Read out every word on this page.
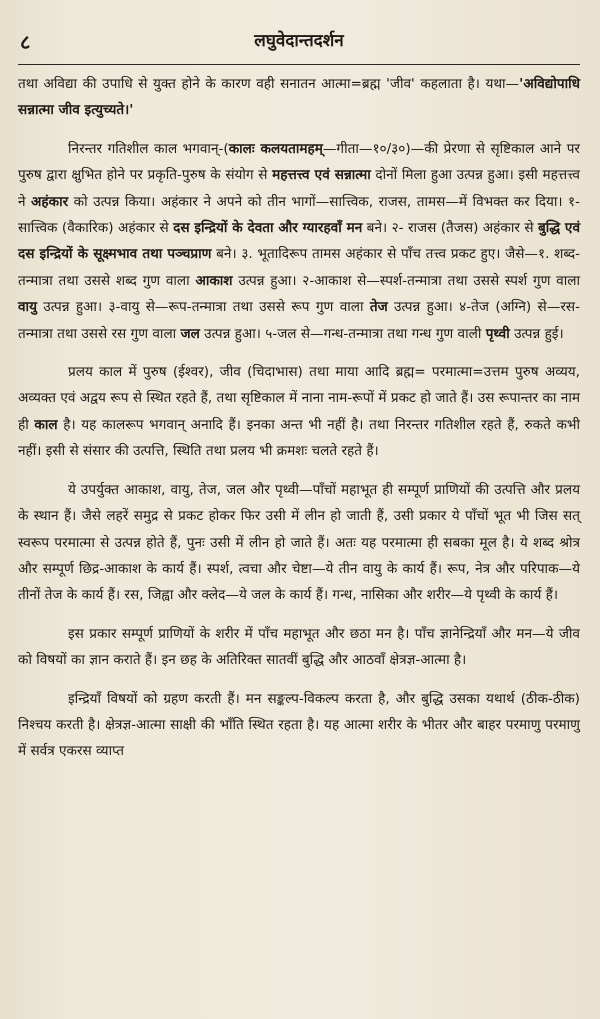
८	लघुवेदान्तदर्शन

तथा अविद्या की उपाधि से युक्त होने के कारण वही सनातन आत्मा=ब्रह्म 'जीव' कहलाता है। यथा—'अविद्योपाधि सन्नात्मा जीव इत्युच्यते।'

निरन्तर गतिशील काल भगवान्-(कालः कलयतामहम्—गीता—१०/३०)—की प्रेरणा से सृष्टिकाल आने पर पुरुष द्वारा क्षुभित होने पर प्रकृति-पुरुष के संयोग से महत्तत्त्व एवं सन्नात्मा दोनों मिला हुआ उत्पन्न हुआ। इसी महत्तत्त्व ने अहंकार को उत्पन्न किया। अहंकार ने अपने को तीन भागों—सात्त्विक, राजस, तामस—में विभक्त कर दिया। १-सात्त्विक (वैकारिक) अहंकार से दस इन्द्रियों के देवता और ग्यारहवाँ मन बने। २- राजस (तैजस) अहंकार से बुद्धि एवं दस इन्द्रियों के सूक्ष्मभाव तथा पञ्चप्राण बने। ३. भूतादिरूप तामस अहंकार से पाँच तत्त्व प्रकट हुए। जैसे—१. शब्द-तन्मात्रा तथा उससे शब्द गुण वाला आकाश उत्पन्न हुआ। २-आकाश से—स्पर्श-तन्मात्रा तथा उससे स्पर्श गुण वाला वायु उत्पन्न हुआ। ३-वायु से—रूप-तन्मात्रा तथा उससे रूप गुण वाला तेज उत्पन्न हुआ। ४-तेज (अग्नि) से—रस-तन्मात्रा तथा उससे रस गुण वाला जल उत्पन्न हुआ। ५-जल से—गन्ध-तन्मात्रा तथा गन्ध गुण वाली पृथ्वी उत्पन्न हुई।

प्रलय काल में पुरुष (ईश्वर), जीव (चिदाभास) तथा माया आदि ब्रह्म= परमात्मा=उत्तम पुरुष अव्यय, अव्यक्त एवं अद्वय रूप से स्थित रहते हैं, तथा सृष्टिकाल में नाना नाम-रूपों में प्रकट हो जाते हैं। उस रूपान्तर का नाम ही काल है। यह कालरूप भगवान् अनादि हैं। इनका अन्त भी नहीं है। तथा निरन्तर गतिशील रहते हैं, रुकते कभी नहीं। इसी से संसार की उत्पत्ति, स्थिति तथा प्रलय भी क्रमशः चलते रहते हैं।

ये उपर्युक्त आकाश, वायु, तेज, जल और पृथ्वी—पाँचों महाभूत ही सम्पूर्ण प्राणियों की उत्पत्ति और प्रलय के स्थान हैं। जैसे लहरें समुद्र से प्रकट होकर फिर उसी में लीन हो जाती हैं, उसी प्रकार ये पाँचों भूत भी जिस सत् स्वरूप परमात्मा से उत्पन्न होते हैं, पुनः उसी में लीन हो जाते हैं। अतः यह परमात्मा ही सबका मूल है। ये शब्द श्रोत्र और सम्पूर्ण छिद्र-आकाश के कार्य हैं। स्पर्श, त्वचा और चेष्टा—ये तीन वायु के कार्य हैं। रूप, नेत्र और परिपाक—ये तीनों तेज के कार्य हैं। रस, जिह्वा और क्लेद—ये जल के कार्य हैं। गन्ध, नासिका और शरीर—ये पृथ्वी के कार्य हैं।

इस प्रकार सम्पूर्ण प्राणियों के शरीर में पाँच महाभूत और छठा मन है। पाँच ज्ञानेन्द्रियाँ और मन—ये जीव को विषयों का ज्ञान कराते हैं। इन छह के अतिरिक्त सातवीं बुद्धि और आठवाँ क्षेत्रज्ञ-आत्मा है।

इन्द्रियाँ विषयों को ग्रहण करती हैं। मन सङ्कल्प-विकल्प करता है, और बुद्धि उसका यथार्थ (ठीक-ठीक) निश्चय करती है। क्षेत्रज्ञ-आत्मा साक्षी की भाँति स्थित रहता है। यह आत्मा शरीर के भीतर और बाहर परमाणु परमाणु में सर्वत्र एकरस व्याप्त
